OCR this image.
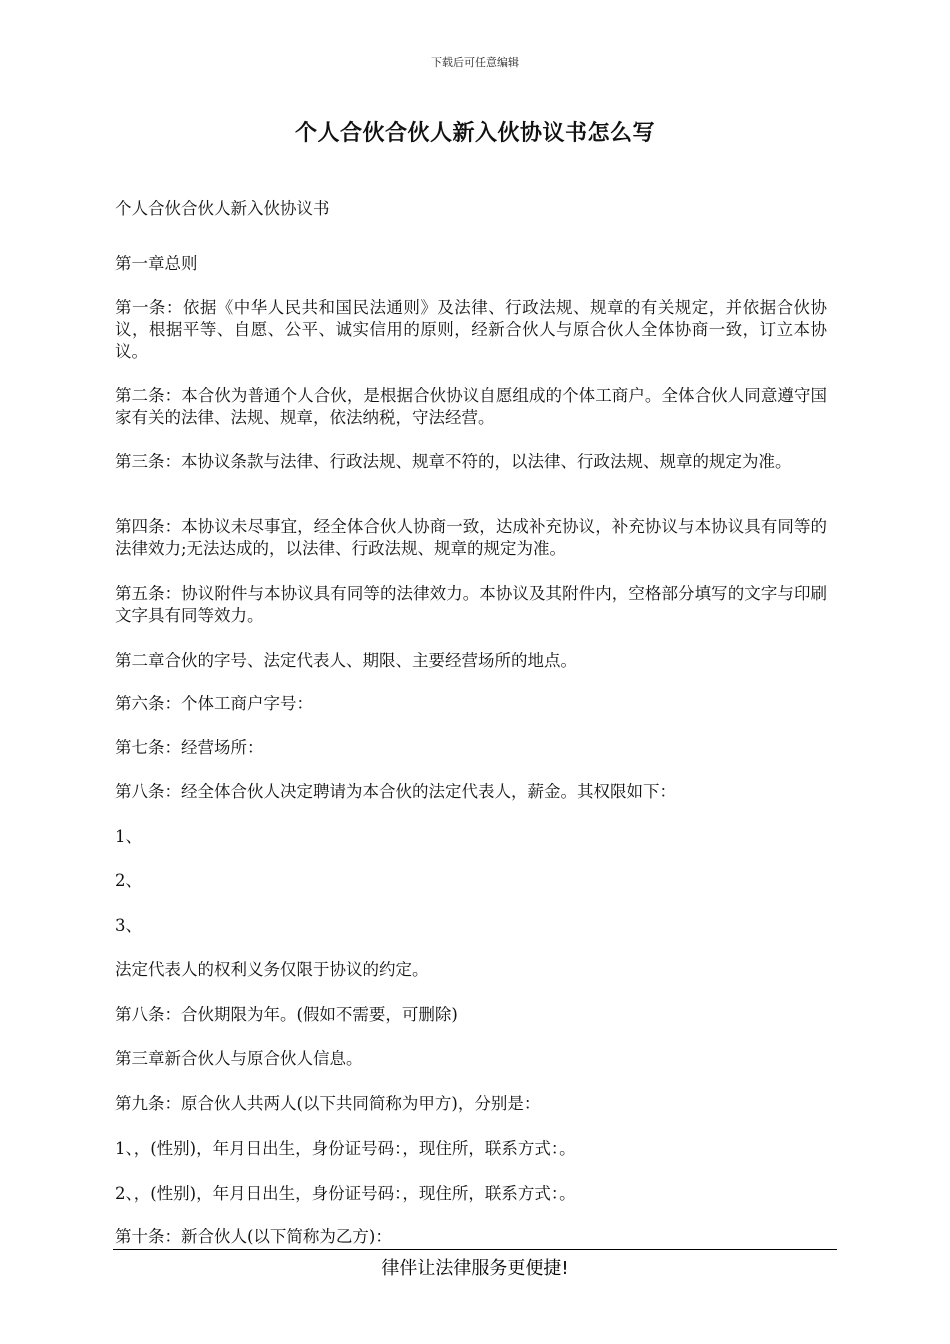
下载后可任意编辑
个人合伙合伙人新入伙协议书怎么写

个人合伙合伙人新入伙协议书

第一章总则

第一条：依据《中华人民共和国民法通则》及法律、行政法规、规章的有关规定，并依据合伙协议，根据平等、自愿、公平、诚实信用的原则，经新合伙人与原合伙人全体协商一致，订立本协议。

第二条：本合伙为普通个人合伙，是根据合伙协议自愿组成的个体工商户。全体合伙人同意遵守国家有关的法律、法规、规章，依法纳税，守法经营。

第三条：本协议条款与法律、行政法规、规章不符的，以法律、行政法规、规章的规定为准。

第四条：本协议未尽事宜，经全体合伙人协商一致，达成补充协议，补充协议与本协议具有同等的法律效力;无法达成的，以法律、行政法规、规章的规定为准。

第五条：协议附件与本协议具有同等的法律效力。本协议及其附件内，空格部分填写的文字与印刷文字具有同等效力。

第二章合伙的字号、法定代表人、期限、主要经营场所的地点。

第六条：个体工商户字号：

第七条：经营场所：

第八条：经全体合伙人决定聘请为本合伙的法定代表人，薪金。其权限如下：

1、

2、

3、

法定代表人的权利义务仅限于协议的约定。

第八条：合伙期限为年。(假如不需要，可删除)

第三章新合伙人与原合伙人信息。

第九条：原合伙人共两人(以下共同简称为甲方)，分别是：

1、，(性别)，年月日出生，身份证号码：，现住所，联系方式：。

2、，(性别)，年月日出生，身份证号码：，现住所，联系方式：。

第十条：新合伙人(以下简称为乙方)：

律伴让法律服务更便捷!
